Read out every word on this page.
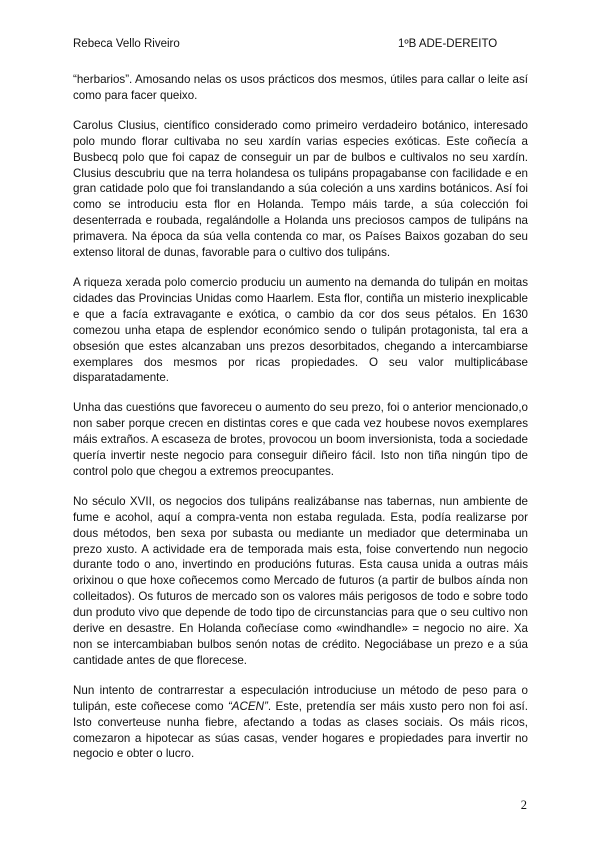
Rebeca Vello Riveiro	1ºB ADE-DEREITO

“herbarios”. Amosando nelas os usos prácticos dos mesmos, útiles para callar o leite así como para facer queixo.

Carolus Clusius, científico considerado como primeiro verdadeiro botánico, interesado polo mundo florar cultivaba no seu xardín varias especies exóticas. Este coñecía a Busbecq polo que foi capaz de conseguir un par de bulbos e cultivalos no seu xardín. Clusius descubriu que na terra holandesa os tulipáns propagabanse con facilidade e en gran catidade polo que foi translandando a súa coleción a uns xardins botánicos. Así foi como se introduciu esta flor en Holanda. Tempo máis tarde, a súa colección foi desenterrada e roubada, regalándolle a Holanda uns preciosos campos de tulipáns na primavera. Na época da súa vella contenda co mar, os Países Baixos gozaban do seu extenso litoral de dunas, favorable para o cultivo dos tulipáns.

A riqueza xerada polo comercio produciu un aumento na demanda do tulipán en moitas cidades das Provincias Unidas como Haarlem. Esta flor, contiña un misterio inexplicable e que a facía extravagante e exótica, o cambio da cor dos seus pétalos. En 1630 comezou unha etapa de esplendor económico sendo o tulipán protagonista, tal era a obsesión que estes alcanzaban uns prezos desorbitados, chegando a intercambiarse exemplares dos mesmos por ricas propiedades. O seu valor multiplicábase disparatadamente.

Unha das cuestións que favoreceu o aumento do seu prezo, foi o anterior mencionado,o non saber porque crecen en distintas cores e que cada vez houbese novos exemplares máis extraños. A escaseza de brotes, provocou un boom inversionista, toda a sociedade quería invertir neste negocio para conseguir diñeiro fácil. Isto non tiña ningún tipo de control polo que chegou a extremos preocupantes.

No século XVII, os negocios dos tulipáns realizábanse nas tabernas, nun ambiente de fume e acohol, aquí a compra-venta non estaba regulada. Esta, podía realizarse por dous métodos, ben sexa por subasta ou mediante un mediador que determinaba un prezo xusto. A actividade era de temporada mais esta, foise convertendo nun negocio durante todo o ano, invertindo en producións futuras. Esta causa unida a outras máis orixinou o que hoxe coñecemos como Mercado de futuros (a partir de bulbos aínda non colleitados). Os futuros de mercado son os valores máis perigosos de todo e sobre todo dun produto vivo que depende de todo tipo de circunstancias para que o seu cultivo non derive en desastre. En Holanda coñecíase como «windhandle» = negocio no aire. Xa non se intercambiaban bulbos senón notas de crédito. Negociábase un prezo e a súa cantidade antes de que florecese.

Nun intento de contrarrestar a especulación introduciuse un método de peso para o tulipán, este coñecese como “ACEN”. Este, pretendía ser máis xusto pero non foi así. Isto converteuse nunha fiebre, afectando a todas as clases sociais. Os máis ricos, comezaron a hipotecar as súas casas, vender hogares e propiedades para invertir no negocio e obter o lucro.

2
